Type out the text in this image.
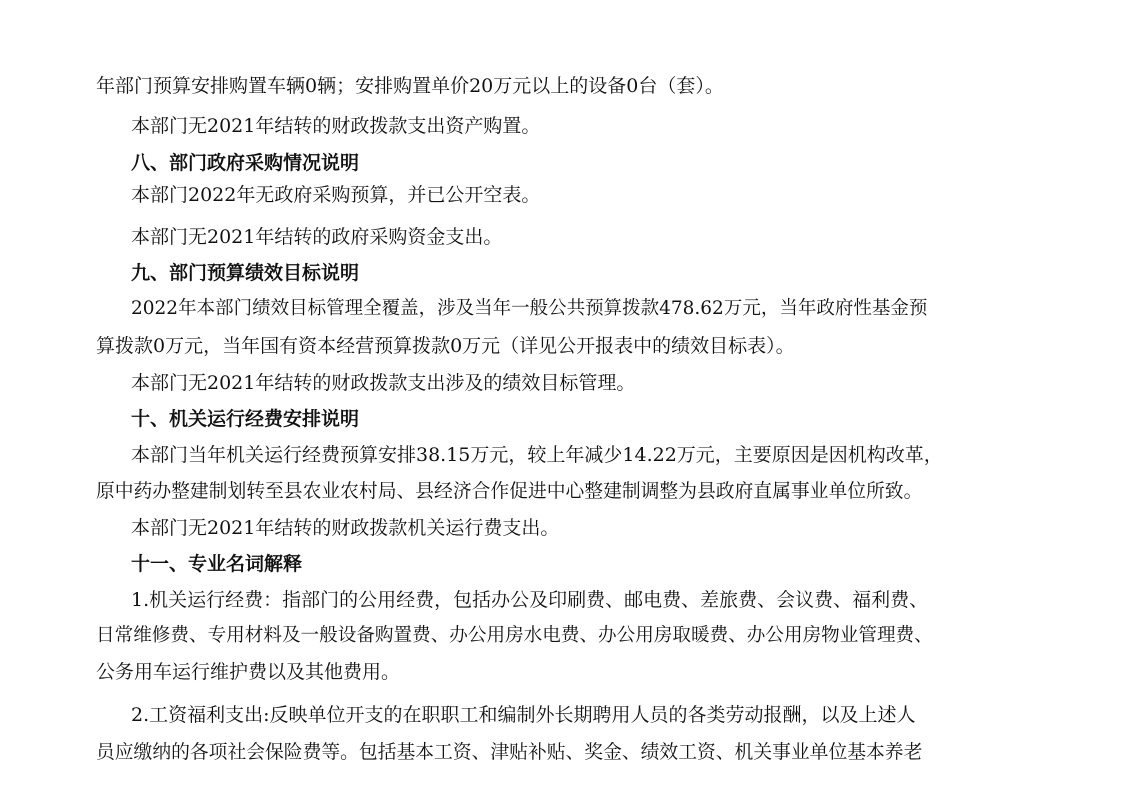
年部门预算安排购置车辆0辆；安排购置单价20万元以上的设备0台（套）。
本部门无2021年结转的财政拨款支出资产购置。
八、部门政府采购情况说明
本部门2022年无政府采购预算，并已公开空表。
本部门无2021年结转的政府采购资金支出。
九、部门预算绩效目标说明
2022年本部门绩效目标管理全覆盖，涉及当年一般公共预算拨款478.62万元，当年政府性基金预
算拨款0万元，当年国有资本经营预算拨款0万元（详见公开报表中的绩效目标表）。
本部门无2021年结转的财政拨款支出涉及的绩效目标管理。
十、机关运行经费安排说明
本部门当年机关运行经费预算安排38.15万元，较上年减少14.22万元，主要原因是因机构改革，
原中药办整建制划转至县农业农村局、县经济合作促进中心整建制调整为县政府直属事业单位所致。
本部门无2021年结转的财政拨款机关运行费支出。
十一、专业名词解释
1.机关运行经费：指部门的公用经费，包括办公及印刷费、邮电费、差旅费、会议费、福利费、
日常维修费、专用材料及一般设备购置费、办公用房水电费、办公用房取暖费、办公用房物业管理费、
公务用车运行维护费以及其他费用。
2.工资福利支出:反映单位开支的在职职工和编制外长期聘用人员的各类劳动报酬，以及上述人
员应缴纳的各项社会保险费等。包括基本工资、津贴补贴、奖金、绩效工资、机关事业单位基本养老
